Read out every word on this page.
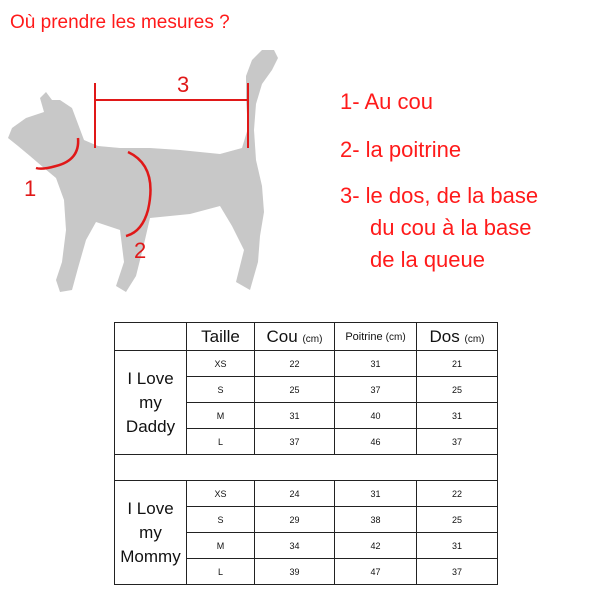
Où prendre les mesures ?
3
1
2
1- Au cou
2- la poitrine
3- le dos, de la base
du cou à la base
de la queue
	Taille	Cou (cm)	Poitrine (cm)	Dos (cm)

I Love
my
Daddy	XS	22	31	21
	S	25	37	25
	M	31	40	31
	L	37	46	37

I Love
my
Mommy	XS	24	31	22
	S	29	38	25
	M	34	42	31
	L	39	47	37
